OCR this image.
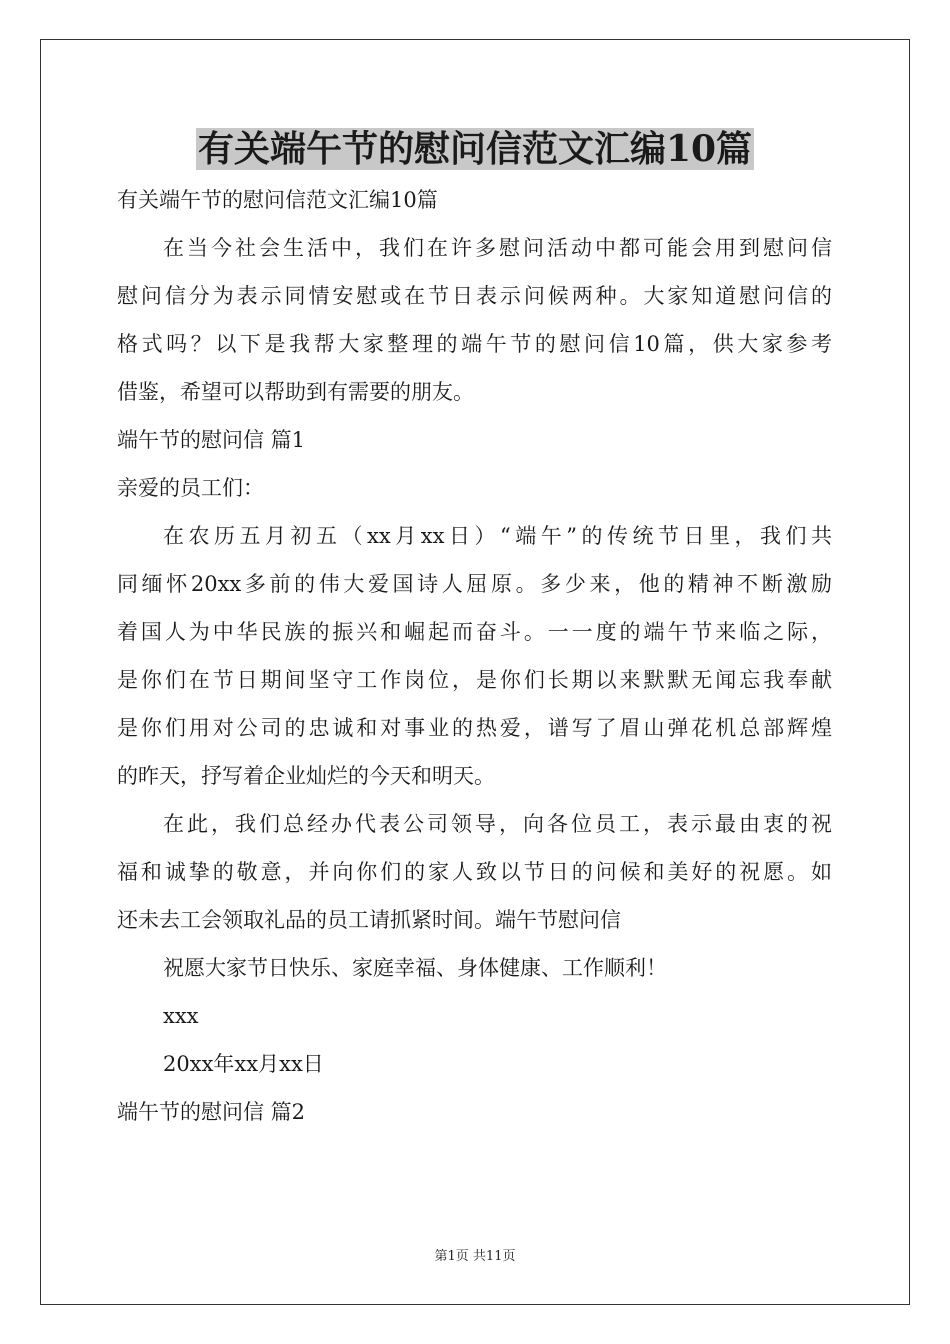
有关端午节的慰问信范文汇编10篇

有关端午节的慰问信范文汇编10篇

在当今社会生活中，我们在许多慰问活动中都可能会用到慰问信

慰问信分为表示同情安慰或在节日表示问候两种。大家知道慰问信的

格式吗？以下是我帮大家整理的端午节的慰问信10篇，供大家参考

借鉴，希望可以帮助到有需要的朋友。

端午节的慰问信 篇1

亲爱的员工们：

在农历五月初五（xx月xx日）“端午”的传统节日里，我们共

同缅怀20xx多前的伟大爱国诗人屈原。多少来，他的精神不断激励

着国人为中华民族的振兴和崛起而奋斗。一一度的端午节来临之际，

是你们在节日期间坚守工作岗位，是你们长期以来默默无闻忘我奉献

是你们用对公司的忠诚和对事业的热爱，谱写了眉山弹花机总部辉煌

的昨天，抒写着企业灿烂的今天和明天。

在此，我们总经办代表公司领导，向各位员工，表示最由衷的祝

福和诚挚的敬意，并向你们的家人致以节日的问候和美好的祝愿。如

还未去工会领取礼品的员工请抓紧时间。端午节慰问信

祝愿大家节日快乐、家庭幸福、身体健康、工作顺利！

xxx

20xx年xx月xx日

端午节的慰问信 篇2

第1页 共11页
